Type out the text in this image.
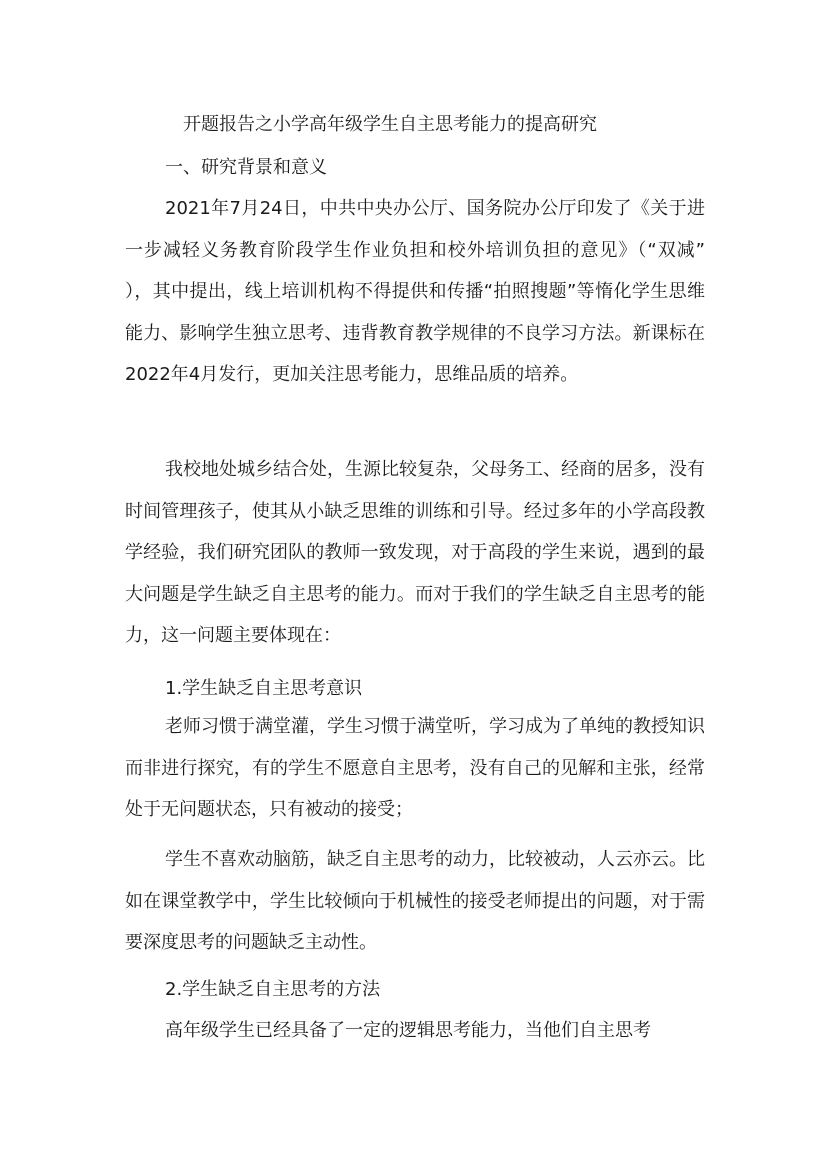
开题报告之小学高年级学生自主思考能力的提高研究
一、研究背景和意义
2021年7月24日，中共中央办公厅、国务院办公厅印发了《关于进一步减轻义务教育阶段学生作业负担和校外培训负担的意见》（“双减” ），其中提出，线上培训机构不得提供和传播“拍照搜题”等惰化学生思维能力、影响学生独立思考、违背教育教学规律的不良学习方法。新课标在2022年4月发行，更加关注思考能力，思维品质的培养。
我校地处城乡结合处，生源比较复杂，父母务工、经商的居多，没有时间管理孩子，使其从小缺乏思维的训练和引导。经过多年的小学高段教学经验，我们研究团队的教师一致发现，对于高段的学生来说，遇到的最大问题是学生缺乏自主思考的能力。而对于我们的学生缺乏自主思考的能力，这一问题主要体现在：
1.学生缺乏自主思考意识
老师习惯于满堂灌，学生习惯于满堂听，学习成为了单纯的教授知识而非进行探究，有的学生不愿意自主思考，没有自己的见解和主张，经常处于无问题状态，只有被动的接受；
学生不喜欢动脑筋，缺乏自主思考的动力，比较被动，人云亦云。比如在课堂教学中，学生比较倾向于机械性的接受老师提出的问题，对于需要深度思考的问题缺乏主动性。
2.学生缺乏自主思考的方法
高年级学生已经具备了一定的逻辑思考能力，当他们自主思考
